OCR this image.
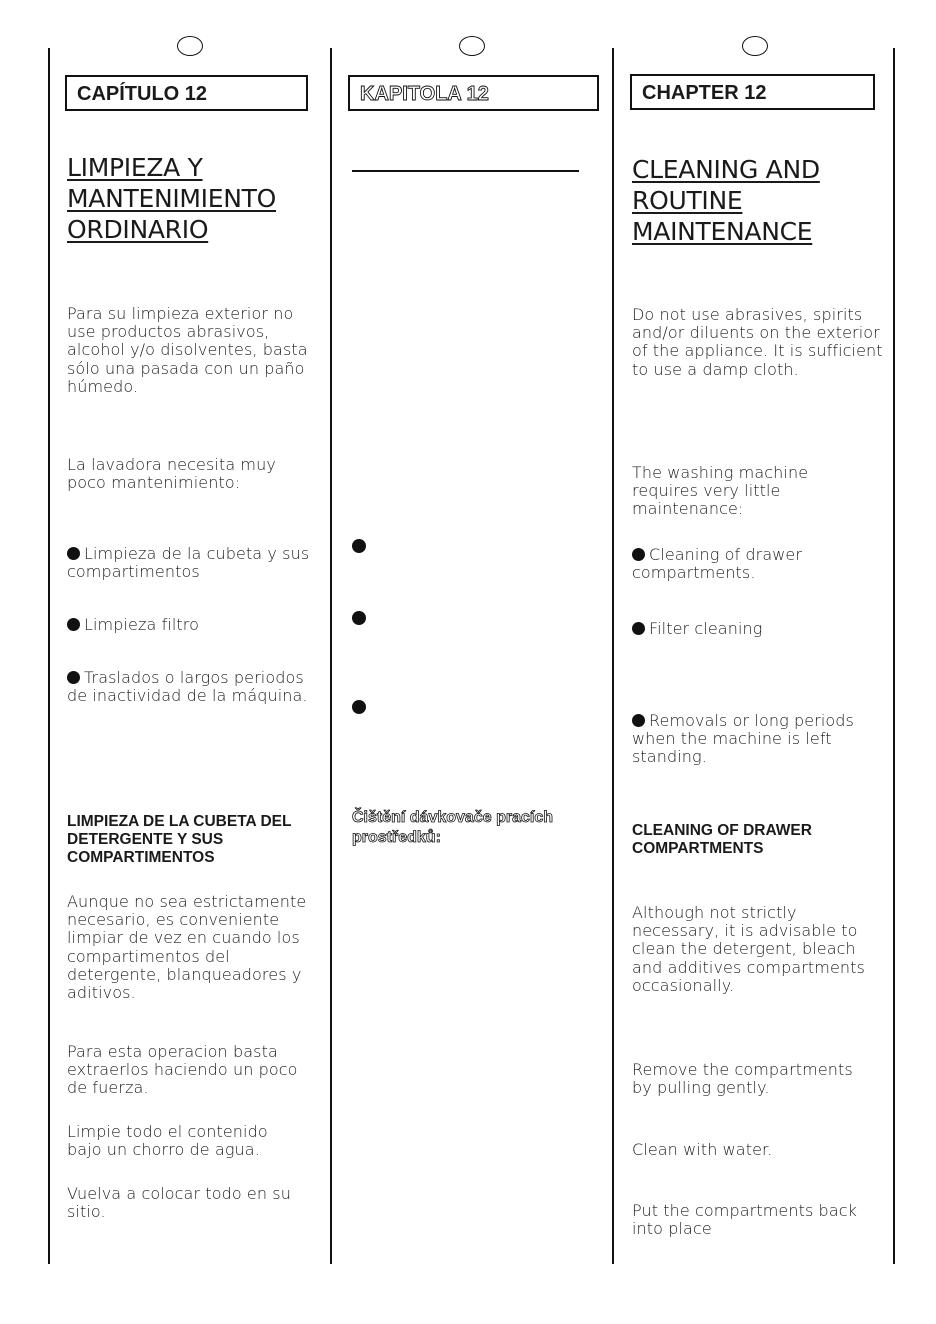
CAPÍTULO 12
LIMPIEZA Y
MANTENIMIENTO
ORDINARIO
Para su limpieza exterior no use productos abrasivos, alcohol y/o disolventes, basta sólo una pasada con un paño húmedo.
La lavadora necesita muy poco mantenimiento:
Limpieza de la cubeta y sus compartimentos
Limpieza filtro
Traslados o largos periodos de inactividad de la máquina.
LIMPIEZA DE LA CUBETA DEL DETERGENTE Y SUS COMPARTIMENTOS
Aunque no sea estrictamente necesario, es conveniente limpiar de vez en cuando los compartimentos del detergente, blanqueadores y aditivos.
Para esta operacion basta extraerlos haciendo un poco de fuerza.
Limpie todo el contenido bajo un chorro de agua.
Vuelva a colocar todo en su sitio.
KAPITOLA 12
Čištění dávkovače pracích prostředků:
CHAPTER 12
CLEANING AND
ROUTINE
MAINTENANCE
Do not use abrasives, spirits and/or diluents on the exterior of the appliance. It is sufficient to use a damp cloth.
The washing machine requires very little maintenance:
Cleaning of drawer compartments.
Filter cleaning
Removals or long periods when the machine is left standing.
CLEANING OF DRAWER COMPARTMENTS
Although not strictly necessary, it is advisable to clean the detergent, bleach and additives compartments occasionally.
Remove the compartments by pulling gently.
Clean with water.
Put the compartments back into place
